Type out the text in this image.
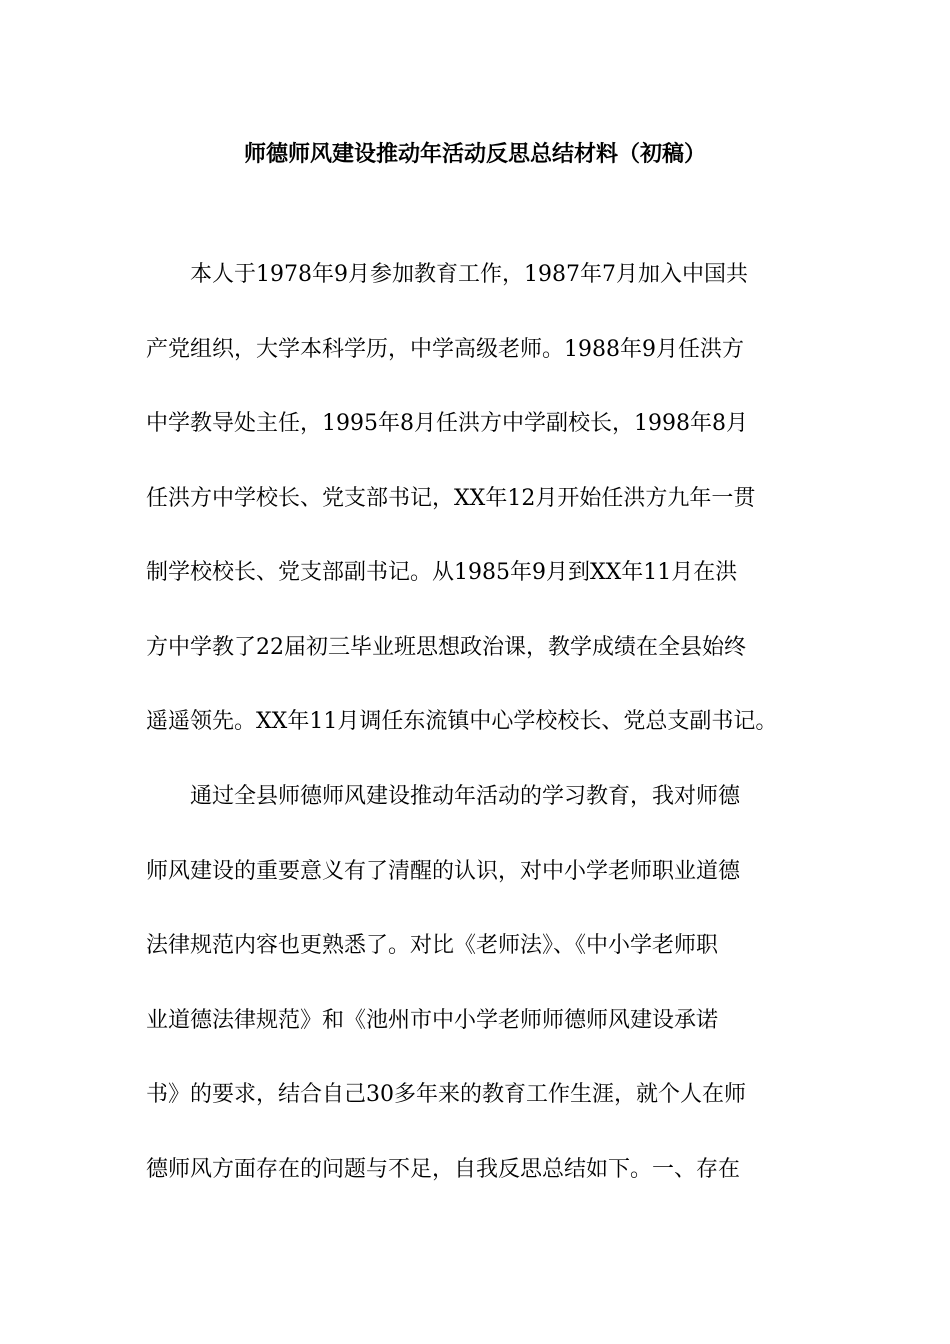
师德师风建设推动年活动反思总结材料（初稿）

本人于1978年9月参加教育工作，1987年7月加入中国共
产党组织，大学本科学历，中学高级老师。1988年9月任洪方
中学教导处主任，1995年8月任洪方中学副校长，1998年8月
任洪方中学校长、党支部书记，XX年12月开始任洪方九年一贯
制学校校长、党支部副书记。从1985年9月到XX年11月在洪
方中学教了22届初三毕业班思想政治课，教学成绩在全县始终
遥遥领先。XX年11月调任东流镇中心学校校长、党总支副书记。

通过全县师德师风建设推动年活动的学习教育，我对师德
师风建设的重要意义有了清醒的认识，对中小学老师职业道德
法律规范内容也更熟悉了。对比《老师法》、《中小学老师职
业道德法律规范》和《池州市中小学老师师德师风建设承诺
书》的要求，结合自己30多年来的教育工作生涯，就个人在师
德师风方面存在的问题与不足，自我反思总结如下。一、存在
